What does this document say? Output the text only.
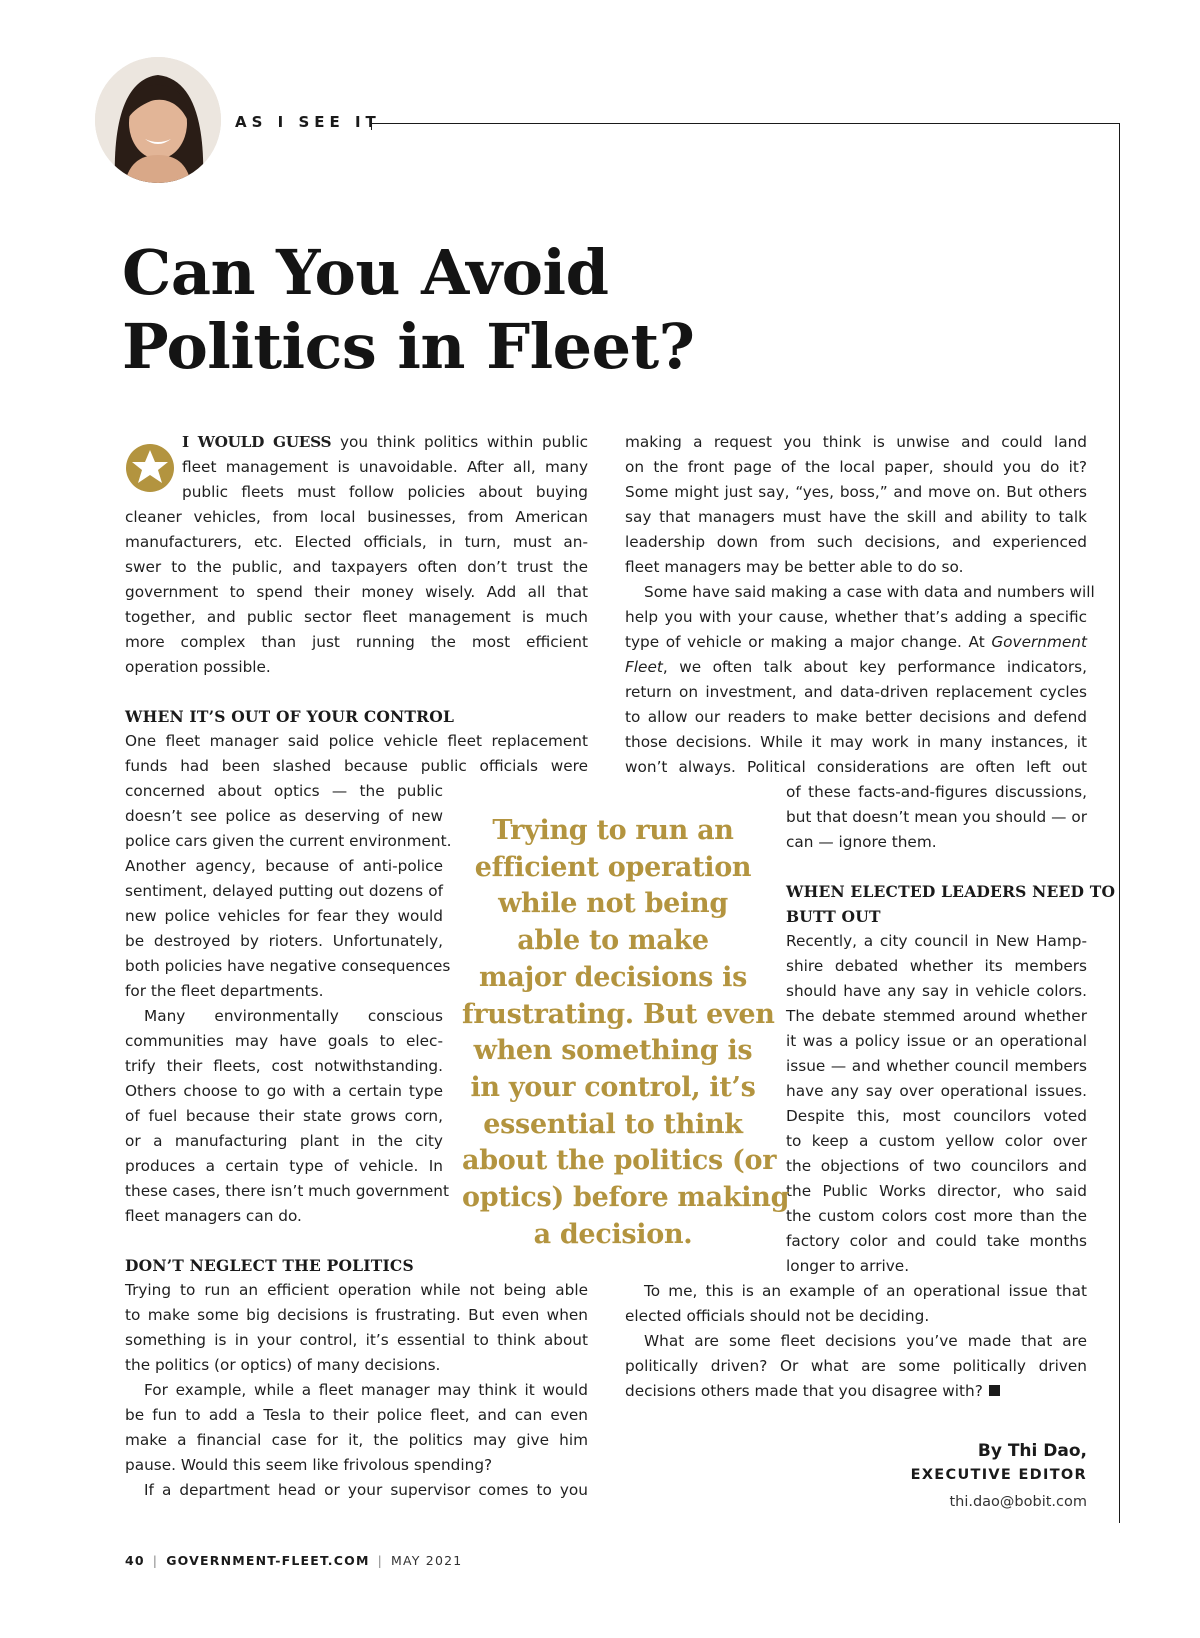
AS I SEE IT
Can You Avoid
Politics in Fleet?
I WOULD GUESS you think politics within public
fleet management is unavoidable. After all, many
public fleets must follow policies about buying
cleaner vehicles, from local businesses, from American
manufacturers, etc. Elected officials, in turn, must an-
swer to the public, and taxpayers often don’t trust the
government to spend their money wisely. Add all that
together, and public sector fleet management is much
more complex than just running the most efficient
operation possible.
WHEN IT’S OUT OF YOUR CONTROL
One fleet manager said police vehicle fleet replacement
funds had been slashed because public officials were
concerned about optics — the public
doesn’t see police as deserving of new
police cars given the current environment.
Another agency, because of anti-police
sentiment, delayed putting out dozens of
new police vehicles for fear they would
be destroyed by rioters. Unfortunately,
both policies have negative consequences
for the fleet departments.
Many environmentally conscious
communities may have goals to elec-
trify their fleets, cost notwithstanding.
Others choose to go with a certain type
of fuel because their state grows corn,
or a manufacturing plant in the city
produces a certain type of vehicle. In
these cases, there isn’t much government
fleet managers can do.
DON’T NEGLECT THE POLITICS
Trying to run an efficient operation while not being able
to make some big decisions is frustrating. But even when
something is in your control, it’s essential to think about
the politics (or optics) of many decisions.
For example, while a fleet manager may think it would
be fun to add a Tesla to their police fleet, and can even
make a financial case for it, the politics may give him
pause. Would this seem like frivolous spending?
If a department head or your supervisor comes to you
making a request you think is unwise and could land
on the front page of the local paper, should you do it?
Some might just say, “yes, boss,” and move on. But others
say that managers must have the skill and ability to talk
leadership down from such decisions, and experienced
fleet managers may be better able to do so.
Some have said making a case with data and numbers will
help you with your cause, whether that’s adding a specific
type of vehicle or making a major change. At Government
Fleet, we often talk about key performance indicators,
return on investment, and data-driven replacement cycles
to allow our readers to make better decisions and defend
those decisions. While it may work in many instances, it
won’t always. Political considerations are often left out
of these facts-and-figures discussions,
but that doesn’t mean you should — or
can — ignore them.
WHEN ELECTED LEADERS NEED TO
BUTT OUT
Recently, a city council in New Hamp-
shire debated whether its members
should have any say in vehicle colors.
The debate stemmed around whether
it was a policy issue or an operational
issue — and whether council members
have any say over operational issues.
Despite this, most councilors voted
to keep a custom yellow color over
the objections of two councilors and
the Public Works director, who said
the custom colors cost more than the
factory color and could take months
longer to arrive.
To me, this is an example of an operational issue that
elected officials should not be deciding.
What are some fleet decisions you’ve made that are
politically driven? Or what are some politically driven
decisions others made that you disagree with?
Trying to run an
efficient operation
while not being
able to make
major decisions is
frustrating. But even
when something is
in your control, it’s
essential to think
about the politics (or
optics) before making
a decision.
By Thi Dao,
EXECUTIVE EDITOR
thi.dao@bobit.com
40 | GOVERNMENT-FLEET.COM | MAY 2021
